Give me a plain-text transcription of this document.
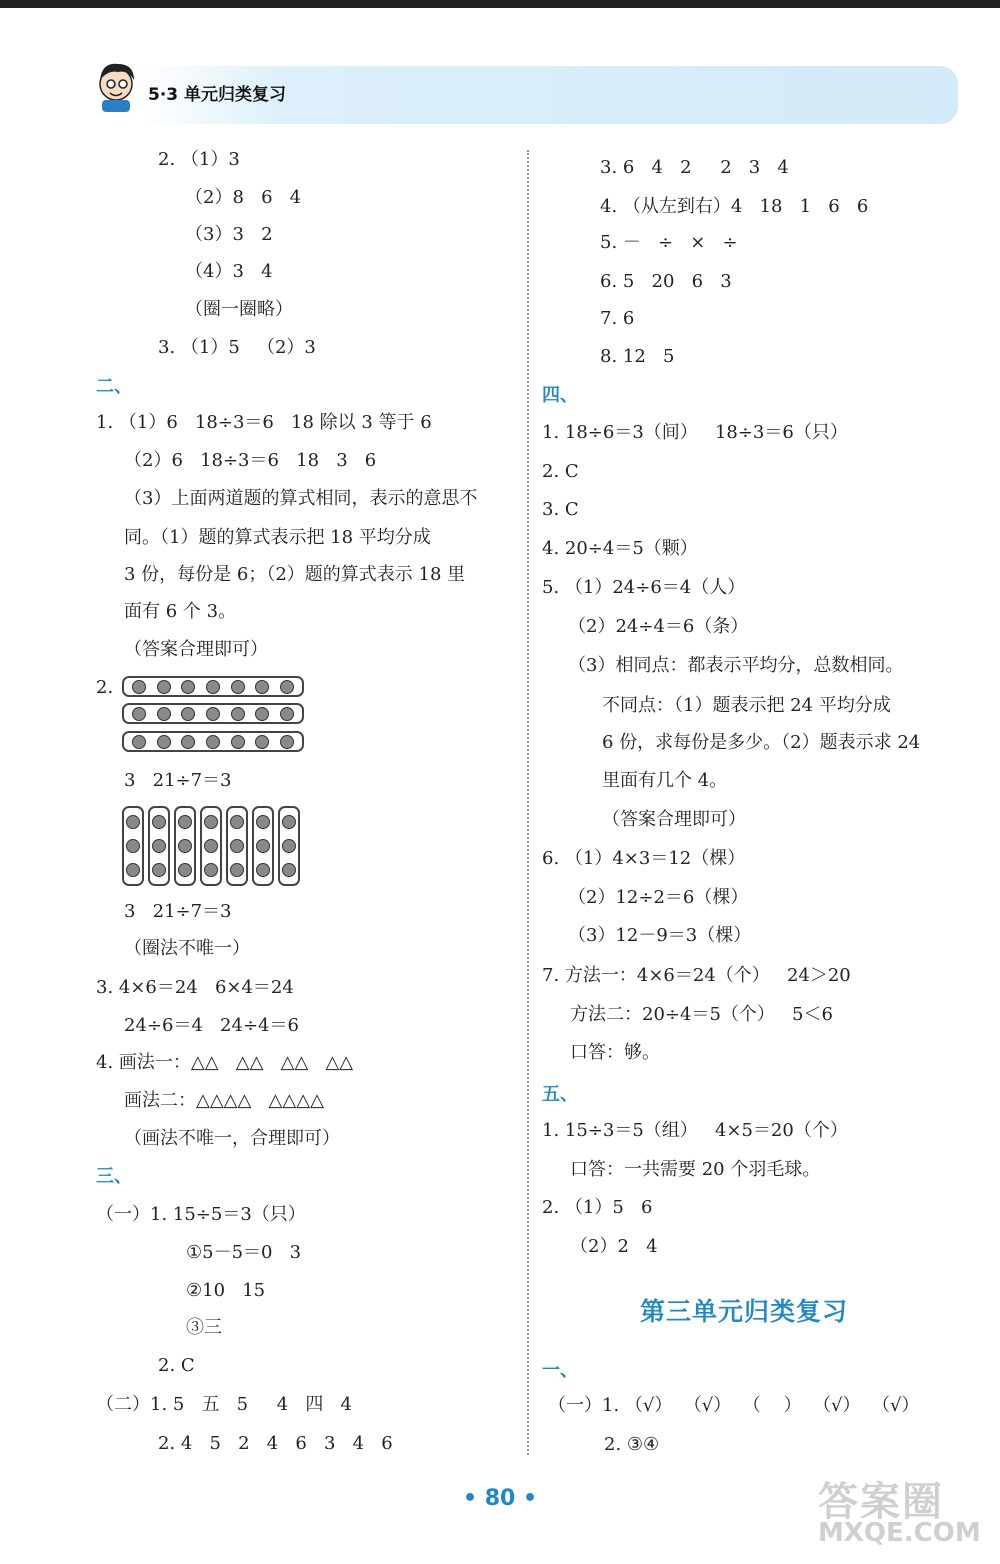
5·3 单元归类复习
2. （1）3
（2）8   6   4
（3）3   2
（4）3   4
（圈一圈略）
3. （1）5   （2）3
二、
1. （1）6   18÷3＝6   18 除以 3 等于 6
（2）6   18÷3＝6   18   3   6
（3）上面两道题的算式相同，表示的意思不
同。（1）题的算式表示把 18 平均分成
3 份，每份是 6；（2）题的算式表示 18 里
面有 6 个 3。
（答案合理即可）
2.
3   21÷7＝3
3   21÷7＝3
（圈法不唯一）
3. 4×6＝24   6×4＝24
24÷6＝4   24÷4＝6
4. 画法一：△△   △△   △△   △△
画法二：△△△△   △△△△
（画法不唯一，合理即可）
三、
（一）1. 15÷5＝3（只）
①5－5＝0   3
②10   15
③三
2. C
（二）1. 5   五   5     4   四   4
2. 4   5   2   4   6   3   4   6
3. 6   4   2     2   3   4
4. （从左到右）4   18   1   6   6
5. －   ÷   ×   ÷
6. 5   20   6   3
7. 6
8. 12   5
四、
1. 18÷6＝3（间）   18÷3＝6（只）
2. C
3. C
4. 20÷4＝5（颗）
5. （1）24÷6＝4（人）
（2）24÷4＝6（条）
（3）相同点：都表示平均分，总数相同。
不同点：（1）题表示把 24 平均分成
6 份，求每份是多少。（2）题表示求 24
里面有几个 4。
（答案合理即可）
6. （1）4×3＝12（棵）
（2）12÷2＝6（棵）
（3）12－9＝3（棵）
7. 方法一：4×6＝24（个）   24＞20
方法二：20÷4＝5（个）   5＜6
口答：够。
五、
1. 15÷3＝5（组）   4×5＝20（个）
口答：一共需要 20 个羽毛球。
2. （1）5   6
（2）2   4
第三单元归类复习
一、
（一）1. （√）  （√）  （    ）  （√）  （√）
2. ③④
• 80 •	答案圈
MXQE.COM
